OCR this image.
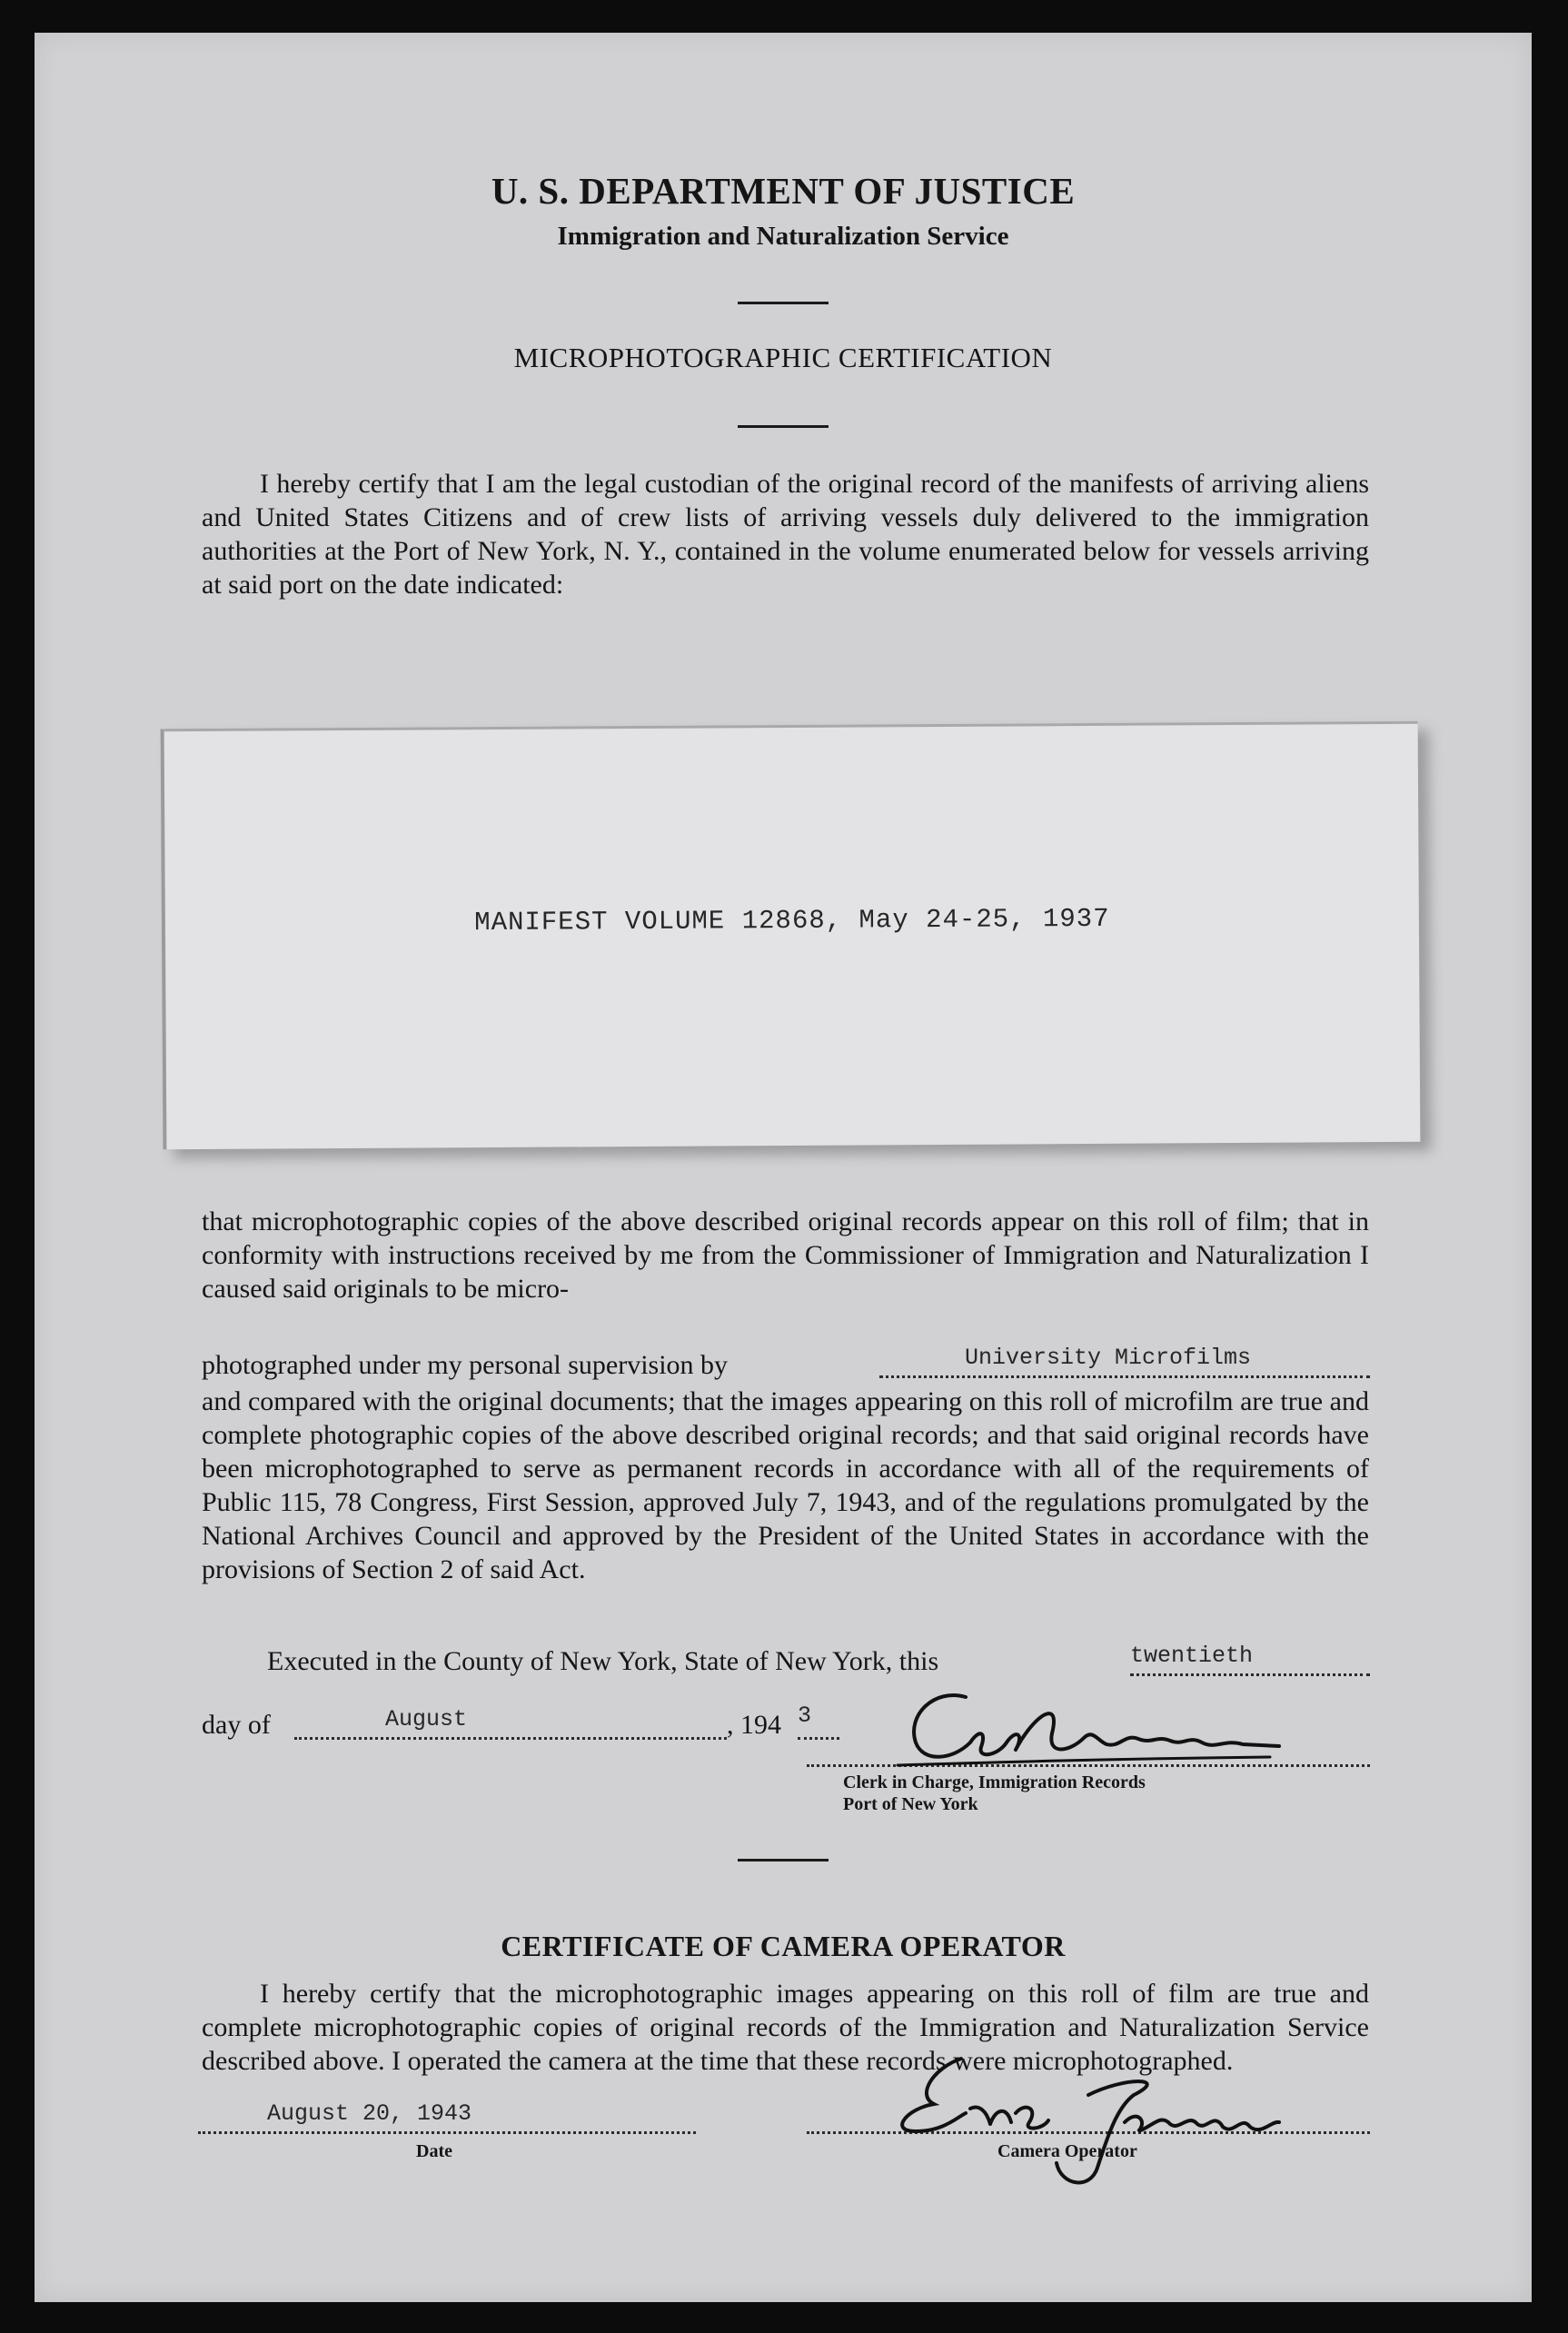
U. S. DEPARTMENT OF JUSTICE
Immigration and Naturalization Service
MICROPHOTOGRAPHIC CERTIFICATION

I hereby certify that I am the legal custodian of the original record of the manifests of arriving aliens and United States Citizens and of crew lists of arriving vessels duly delivered to the immigration authorities at the Port of New York, N. Y., contained in the volume enumerated below for vessels arriving at said port on the date indicated:

MANIFEST VOLUME 12868, May 24-25, 1937

that microphotographic copies of the above described original records appear on this roll of film; that in conformity with instructions received by me from the Commissioner of Immigration and Naturalization I caused said originals to be micro-

photographed under my personal supervision by	University Microfilms

and compared with the original documents; that the images appearing on this roll of microfilm are true and complete photographic copies of the above described original records; and that said original records have been microphotographed to serve as permanent records in accordance with all of the requirements of Public 115, 78 Congress, First Session, approved July 7, 1943, and of the regulations promulgated by the National Archives Council and approved by the President of the United States in accordance with the provisions of Section 2 of said Act.

Executed in the County of New York, State of New York, this	twentieth
day of	August	, 194 3
Clerk in Charge, Immigration Records
Port of New York
CERTIFICATE OF CAMERA OPERATOR

I hereby certify that the microphotographic images appearing on this roll of film are true and complete microphotographic copies of original records of the Immigration and Naturalization Service described above. I operated the camera at the time that these records were microphotographed.

August 20, 1943
Date	Camera Operator
